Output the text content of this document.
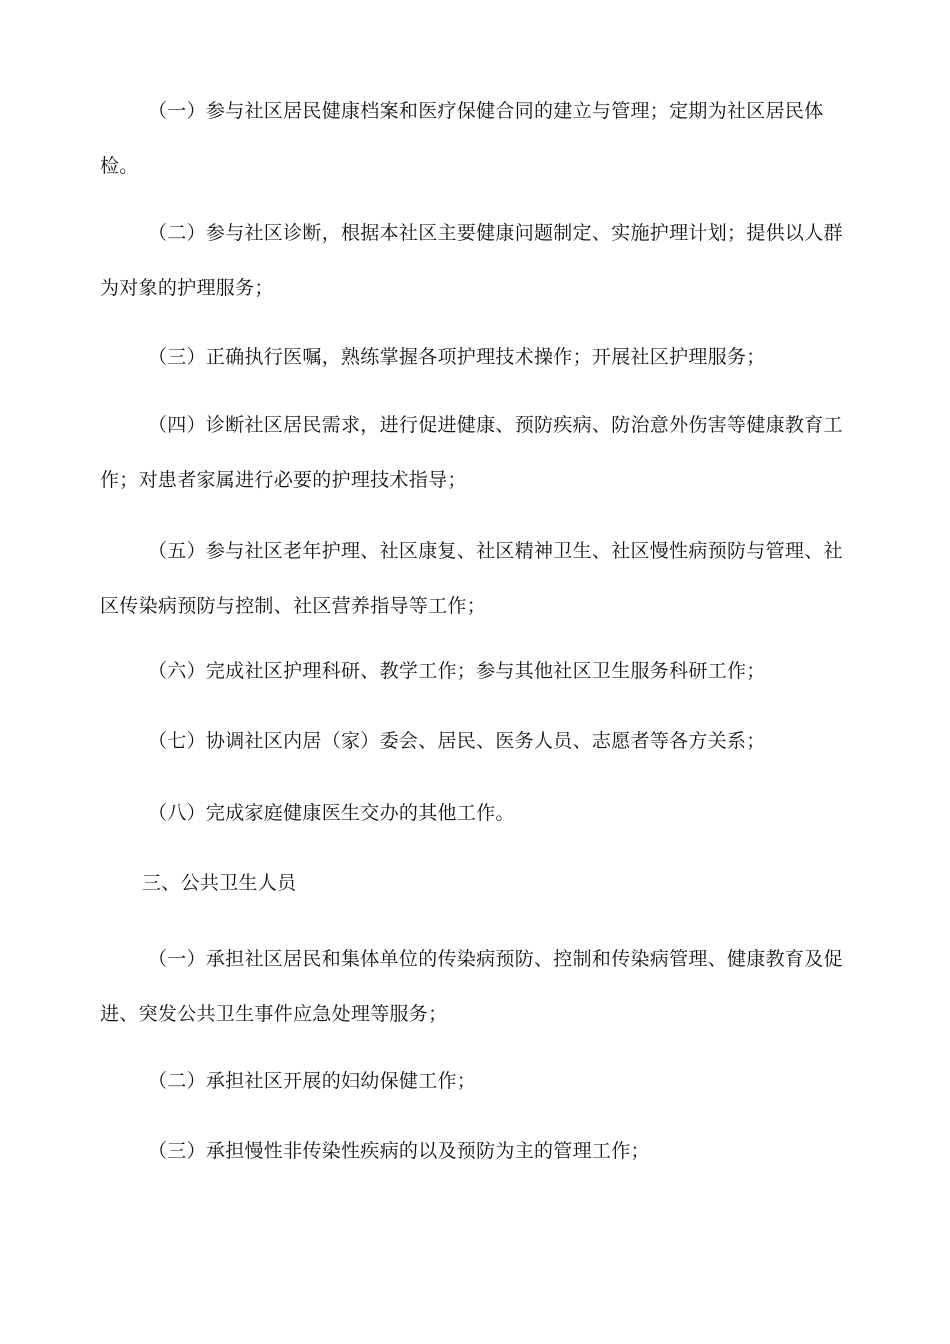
（一）参与社区居民健康档案和医疗保健合同的建立与管理；定期为社区居民体检。

（二）参与社区诊断，根据本社区主要健康问题制定、实施护理计划；提供以人群为对象的护理服务；

（三）正确执行医嘱，熟练掌握各项护理技术操作；开展社区护理服务；

（四）诊断社区居民需求，进行促进健康、预防疾病、防治意外伤害等健康教育工作；对患者家属进行必要的护理技术指导；

（五）参与社区老年护理、社区康复、社区精神卫生、社区慢性病预防与管理、社区传染病预防与控制、社区营养指导等工作；

（六）完成社区护理科研、教学工作；参与其他社区卫生服务科研工作；

（七）协调社区内居（家）委会、居民、医务人员、志愿者等各方关系；

（八）完成家庭健康医生交办的其他工作。

三、公共卫生人员

（一）承担社区居民和集体单位的传染病预防、控制和传染病管理、健康教育及促进、突发公共卫生事件应急处理等服务；

（二）承担社区开展的妇幼保健工作；

（三）承担慢性非传染性疾病的以及预防为主的管理工作；
